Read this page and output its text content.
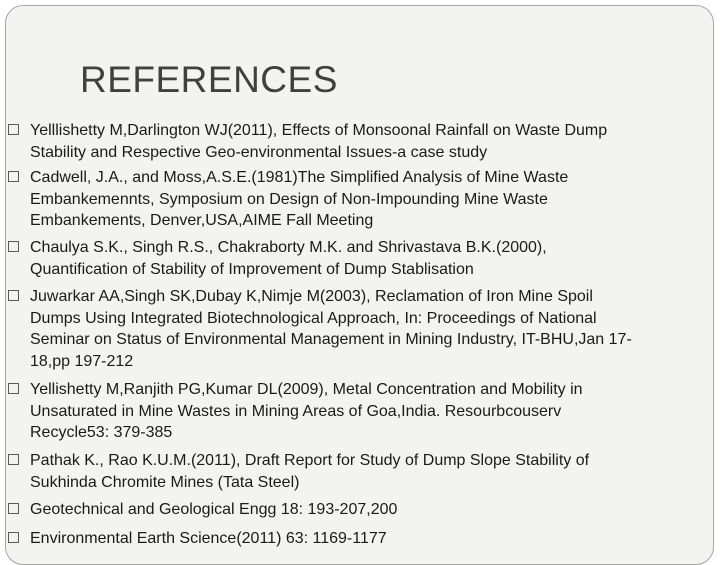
REFERENCES
Yelllishetty M,Darlington WJ(2011), Effects of Monsoonal Rainfall on Waste Dump
Stability and Respective Geo-environmental Issues-a case study
Cadwell, J.A., and Moss,A.S.E.(1981)The Simplified Analysis of Mine Waste
Embankemennts, Symposium on Design of Non-Impounding Mine Waste
Embankements, Denver,USA,AIME Fall Meeting
Chaulya S.K., Singh R.S., Chakraborty M.K. and Shrivastava B.K.(2000),
Quantification of Stability of Improvement of Dump Stablisation
Juwarkar AA,Singh SK,Dubay K,Nimje M(2003), Reclamation of Iron Mine Spoil
Dumps Using Integrated Biotechnological Approach, In: Proceedings of National
Seminar on Status of Environmental Management in Mining Industry, IT-BHU,Jan 17-
18,pp 197-212
Yellishetty M,Ranjith PG,Kumar DL(2009), Metal Concentration and Mobility in
Unsaturated in Mine Wastes in Mining Areas of Goa,India. Resourbcouserv
Recycle53: 379-385
Pathak K., Rao K.U.M.(2011), Draft Report for Study of Dump Slope Stability of
Sukhinda Chromite Mines (Tata Steel)
Geotechnical and Geological Engg 18: 193-207,200
Environmental Earth Science(2011) 63: 1169-1177
